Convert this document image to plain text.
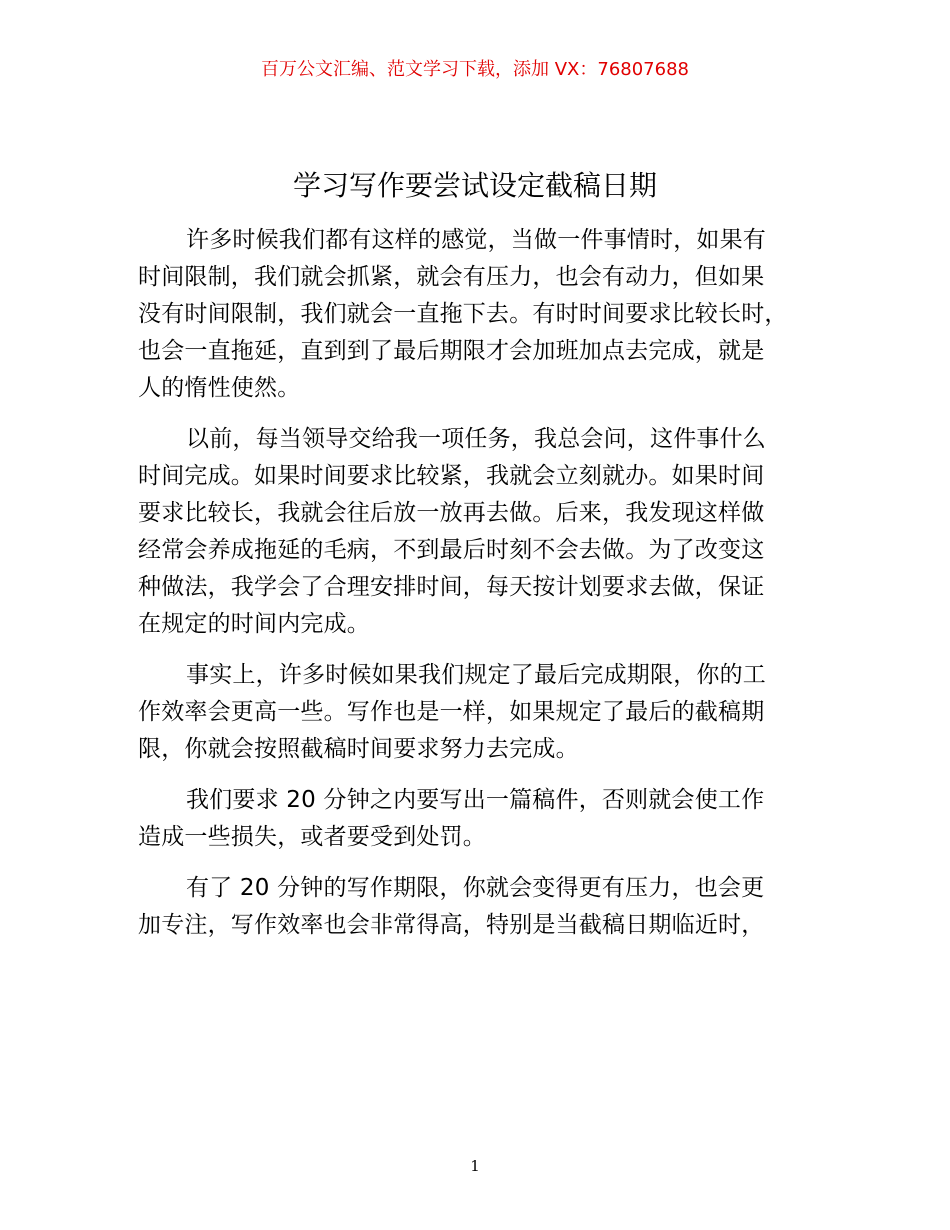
百万公文汇编、范文学习下载，添加 VX：76807688
学习写作要尝试设定截稿日期

许多时候我们都有这样的感觉，当做一件事情时，如果有
时间限制，我们就会抓紧，就会有压力，也会有动力，但如果
没有时间限制，我们就会一直拖下去。有时时间要求比较长时，
也会一直拖延，直到到了最后期限才会加班加点去完成，就是
人的惰性使然。

以前，每当领导交给我一项任务，我总会问，这件事什么
时间完成。如果时间要求比较紧，我就会立刻就办。如果时间
要求比较长，我就会往后放一放再去做。后来，我发现这样做
经常会养成拖延的毛病，不到最后时刻不会去做。为了改变这
种做法，我学会了合理安排时间，每天按计划要求去做，保证
在规定的时间内完成。

事实上，许多时候如果我们规定了最后完成期限，你的工
作效率会更高一些。写作也是一样，如果规定了最后的截稿期
限，你就会按照截稿时间要求努力去完成。

我们要求 20 分钟之内要写出一篇稿件，否则就会使工作
造成一些损失，或者要受到处罚。

有了 20 分钟的写作期限，你就会变得更有压力，也会更
加专注，写作效率也会非常得高，特别是当截稿日期临近时，

1
